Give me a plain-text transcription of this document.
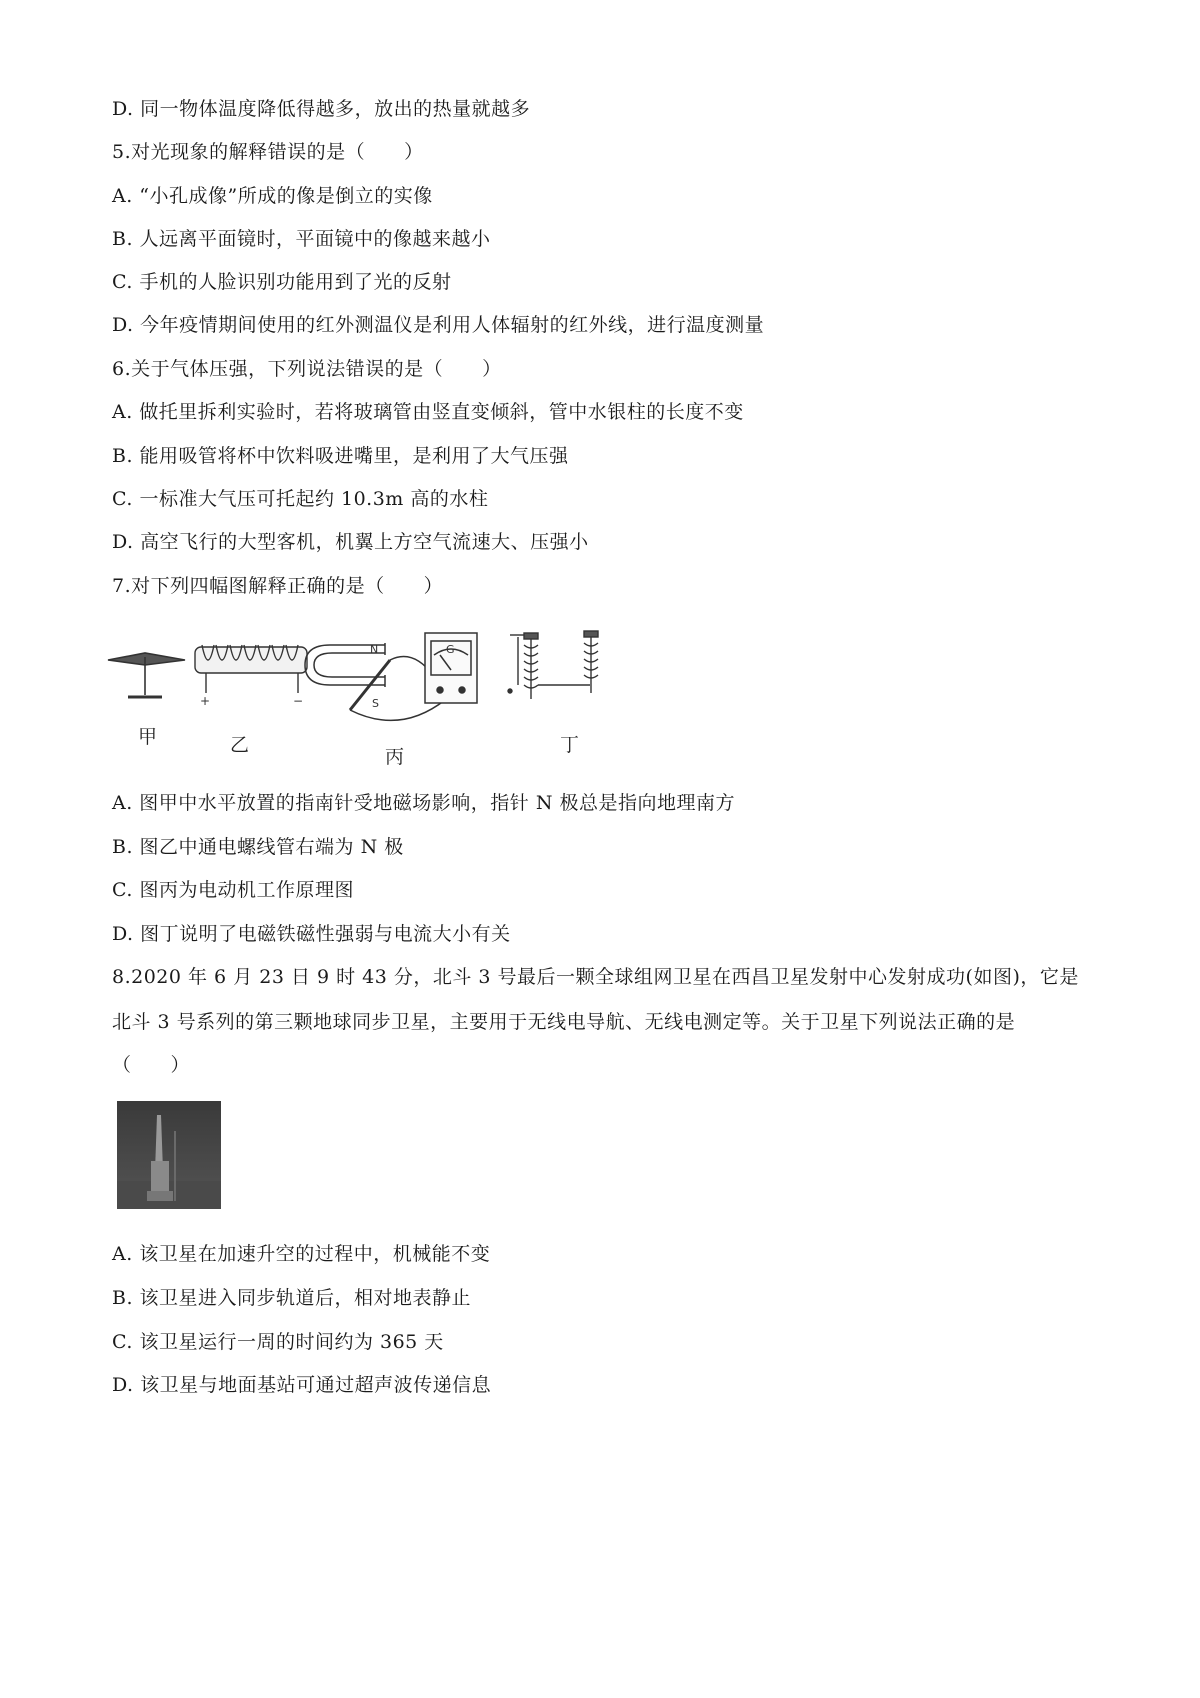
D. 同一物体温度降低得越多，放出的热量就越多
5.对光现象的解释错误的是（　　）
A. “小孔成像”所成的像是倒立的实像
B. 人远离平面镜时，平面镜中的像越来越小
C. 手机的人脸识别功能用到了光的反射
D. 今年疫情期间使用的红外测温仪是利用人体辐射的红外线，进行温度测量
6.关于气体压强，下列说法错误的是（　　）
A. 做托里拆利实验时，若将玻璃管由竖直变倾斜，管中水银柱的长度不变
B. 能用吸管将杯中饮料吸进嘴里，是利用了大气压强
C. 一标准大气压可托起约 10.3m 高的水柱
D. 高空飞行的大型客机，机翼上方空气流速大、压强小
7.对下列四幅图解释正确的是（　　）
A. 图甲中水平放置的指南针受地磁场影响，指针 N 极总是指向地理南方
B. 图乙中通电螺线管右端为 N 极
C. 图丙为电动机工作原理图
D. 图丁说明了电磁铁磁性强弱与电流大小有关
8.2020 年 6 月 23 日 9 时 43 分，北斗 3 号最后一颗全球组网卫星在西昌卫星发射中心发射成功(如图)，它是
北斗 3 号系列的第三颗地球同步卫星，主要用于无线电导航、无线电测定等。关于卫星下列说法正确的是
（　　）
A. 该卫星在加速升空的过程中，机械能不变
B. 该卫星进入同步轨道后，相对地表静止
C. 该卫星运行一周的时间约为 365 天
D. 该卫星与地面基站可通过超声波传递信息
+	−
N
S
G
甲	乙
丙
丁
